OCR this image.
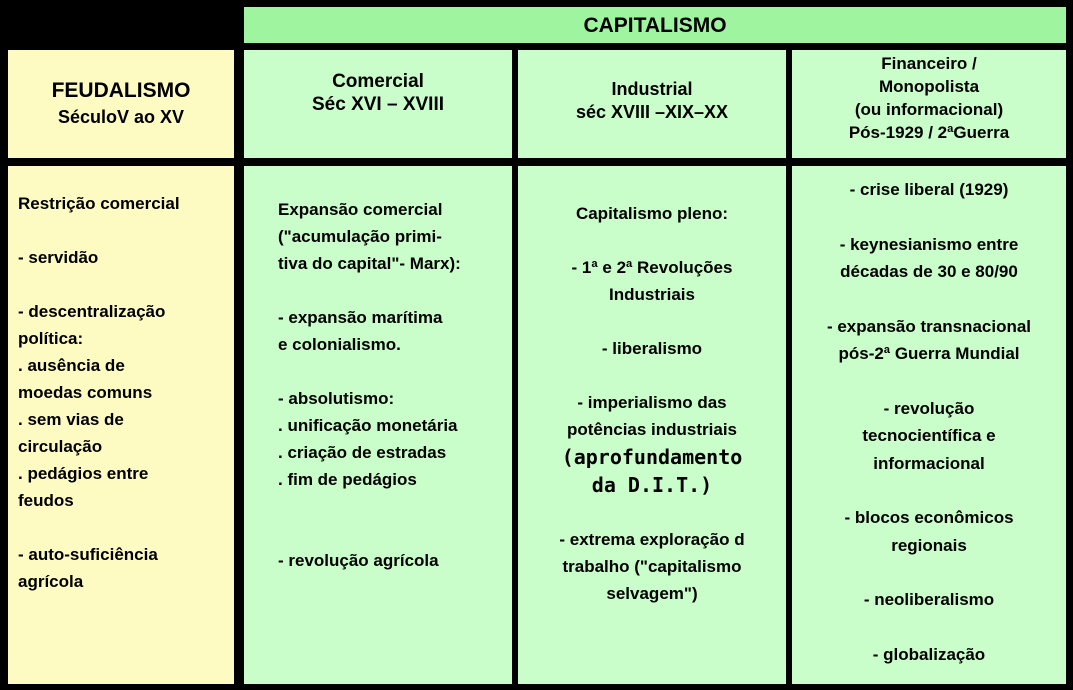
CAPITALISMO
FEUDALISMO
SéculoV ao XV
Comercial
Séc XVI – XVIII
Industrial
séc XVIII –XIX–XX
Financeiro /
Monopolista
(ou informacional)
Pós-1929 / 2ªGuerra
Restrição comercial
- servidão
- descentralização
política:
. ausência de
moedas comuns
. sem vias de
circulação
. pedágios entre
feudos
- auto-suficiência
agrícola
Expansão comercial
("acumulação primi-
tiva do capital"- Marx):
- expansão marítima
e colonialismo.
- absolutismo:
. unificação monetária
. criação de estradas
. fim de pedágios
- revolução agrícola
Capitalismo pleno:
- 1ª e 2ª Revoluções
Industriais
- liberalismo
- imperialismo das
potências industriais
(aprofundamento
da D.I.T.)
- extrema exploração d
trabalho ("capitalismo
selvagem")
- crise liberal (1929)
- keynesianismo entre
décadas de 30 e 80/90
- expansão transnacional
pós-2ª Guerra Mundial
- revolução
tecnocientífica e
informacional
- blocos econômicos
regionais
- neoliberalismo
- globalização
